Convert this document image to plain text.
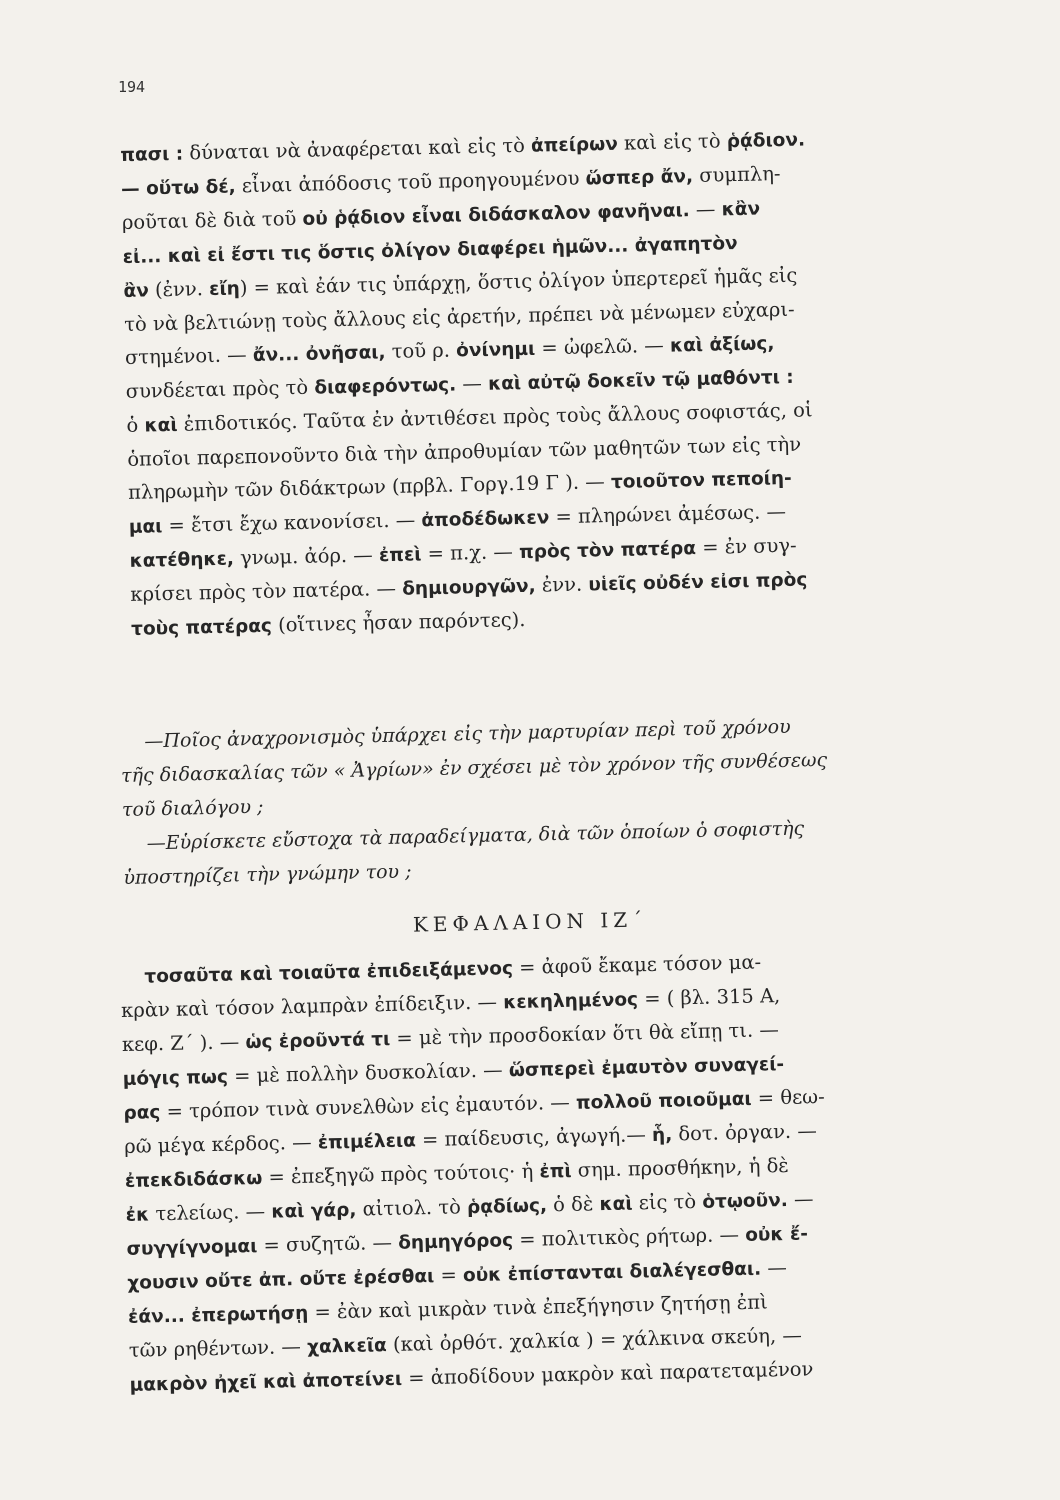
194
πασι : δύναται νὰ ἀναφέρεται καὶ εἰς τὸ ἀπείρων καὶ εἰς τὸ ῥᾴδιον.
— οὕτω δέ, εἶναι ἀπόδοσις τοῦ προηγουμένου ὥσπερ ἄν, συμπλη-
ροῦται δὲ διὰ τοῦ οὐ ῥᾴδιον εἶναι διδάσκαλον φανῆναι. — κἂν
εἰ... καὶ εἰ ἔστι τις ὅστις ὀλίγον διαφέρει ἡμῶν... ἀγαπητὸν
ἂν (ἐνν. εἴη) = καὶ ἐάν τις ὑπάρχῃ, ὅστις ὀλίγον ὑπερτερεῖ ἡμᾶς εἰς
τὸ νὰ βελτιώνῃ τοὺς ἄλλους εἰς ἀρετήν, πρέπει νὰ μένωμεν εὐχαρι-
στημένοι. — ἄν... ὀνῆσαι, τοῦ ρ. ὀνίνημι = ὠφελῶ. — καὶ ἀξίως,
συνδέεται πρὸς τὸ διαφερόντως. — καὶ αὐτῷ δοκεῖν τῷ μαθόντι :
ὁ καὶ ἐπιδοτικός. Ταῦτα ἐν ἀντιθέσει πρὸς τοὺς ἄλλους σοφιστάς, οἱ
ὁποῖοι παρεπονοῦντο διὰ τὴν ἀπροθυμίαν τῶν μαθητῶν των εἰς τὴν
πληρωμὴν τῶν διδάκτρων (πρβλ. Γοργ.19 Γ ). — τοιοῦτον πεποίη-
μαι = ἔτσι ἔχω κανονίσει. — ἀποδέδωκεν = πληρώνει ἀμέσως. —
κατέθηκε, γνωμ. ἀόρ. — ἐπεὶ = π.χ. — πρὸς τὸν πατέρα = ἐν συγ-
κρίσει πρὸς τὸν πατέρα. — δημιουργῶν, ἐνν. υἱεῖς οὐδέν εἰσι πρὸς
τοὺς πατέρας (οἵτινες ἦσαν παρόντες).
—Ποῖος ἀναχρονισμὸς ὑπάρχει εἰς τὴν μαρτυρίαν περὶ τοῦ χρόνου
τῆς διδασκαλίας τῶν « Ἀγρίων» ἐν σχέσει μὲ τὸν χρόνον τῆς συνθέσεως
τοῦ διαλόγου ;
—Εὑρίσκετε εὔστοχα τὰ παραδείγματα, διὰ τῶν ὁποίων ὁ σοφιστὴς
ὑποστηρίζει τὴν γνώμην του ;
ΚΕΦΑΛΑΙΟΝ ΙΖ΄
τοσαῦτα καὶ τοιαῦτα ἐπιδειξάμενος = ἀφοῦ ἔκαμε τόσον μα-
κρὰν καὶ τόσον λαμπρὰν ἐπίδειξιν. — κεκηλημένος = ( βλ. 315 Α,
κεφ. Ζ΄ ). — ὡς ἐροῦντά τι = μὲ τὴν προσδοκίαν ὅτι θὰ εἴπῃ τι. —
μόγις πως = μὲ πολλὴν δυσκολίαν. — ὥσπερεὶ ἐμαυτὸν συναγεί-
ρας = τρόπον τινὰ συνελθὼν εἰς ἐμαυτόν. — πολλοῦ ποιοῦμαι = θεω-
ρῶ μέγα κέρδος. — ἐπιμέλεια = παίδευσις, ἀγωγή.— ἧ, δοτ. ὀργαν. —
ἐπεκδιδάσκω = ἐπεξηγῶ πρὸς τούτοις· ἡ ἐπὶ σημ. προσθήκην, ἡ δὲ
ἐκ τελείως. — καὶ γάρ, αἰτιολ. τὸ ῥᾳδίως, ὁ δὲ καὶ εἰς τὸ ὁτῳοῦν. —
συγγίγνομαι = συζητῶ. — δημηγόρος = πολιτικὸς ρήτωρ. — οὐκ ἔ-
χουσιν οὔτε ἀπ. οὔτε ἐρέσθαι = οὐκ ἐπίστανται διαλέγεσθαι. —
ἐάν... ἐπερωτήσῃ = ἐὰν καὶ μικρὰν τινὰ ἐπεξήγησιν ζητήσῃ ἐπὶ
τῶν ρηθέντων. — χαλκεῖα (καὶ ὀρθότ. χαλκία ) = χάλκινα σκεύη, —
μακρὸν ἠχεῖ καὶ ἀποτείνει = ἀποδίδουν μακρὸν καὶ παρατεταμένον
